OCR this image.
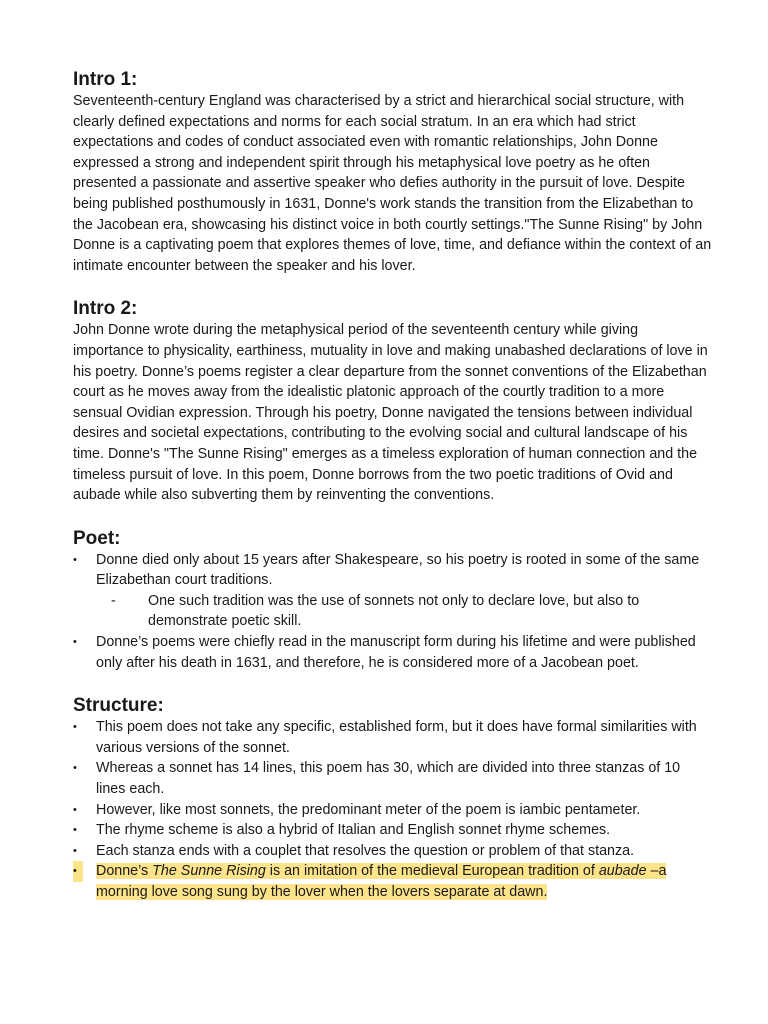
Intro 1:

Seventeenth-century England was characterised by a strict and hierarchical social structure, with clearly defined expectations and norms for each social stratum. In an era which had strict expectations and codes of conduct associated even with romantic relationships, John Donne expressed a strong and independent spirit through his metaphysical love poetry as he often presented a passionate and assertive speaker who defies authority in the pursuit of love. Despite being published posthumously in 1631, Donne's work stands the transition from the Elizabethan to the Jacobean era, showcasing his distinct voice in both courtly settings."The Sunne Rising" by John Donne is a captivating poem that explores themes of love, time, and defiance within the context of an intimate encounter between the speaker and his lover.

Intro 2:

John Donne wrote during the metaphysical period of the seventeenth century while giving importance to physicality, earthiness, mutuality in love and making unabashed declarations of love in his poetry. Donne’s poems register a clear departure from the sonnet conventions of the Elizabethan court as he moves away from the idealistic platonic approach of the courtly tradition to a more sensual Ovidian expression. Through his poetry, Donne navigated the tensions between individual desires and societal expectations, contributing to the evolving social and cultural landscape of his time. Donne's "The Sunne Rising" emerges as a timeless exploration of human connection and the timeless pursuit of love. In this poem, Donne borrows from the two poetic traditions of Ovid and aubade while also subverting them by reinventing the conventions.

Poet:
•	Donne died only about 15 years after Shakespeare, so his poetry is rooted in some of the same Elizabethan court traditions.
- One such tradition was the use of sonnets not only to declare love, but also to demonstrate poetic skill.
•	Donne’s poems were chiefly read in the manuscript form during his lifetime and were published only after his death in 1631, and therefore, he is considered more of a Jacobean poet.
Structure:
•	This poem does not take any specific, established form, but it does have formal similarities with various versions of the sonnet.
•	Whereas a sonnet has 14 lines, this poem has 30, which are divided into three stanzas of 10 lines each.
•	However, like most sonnets, the predominant meter of the poem is iambic pentameter.
•	The rhyme scheme is also a hybrid of Italian and English sonnet rhyme schemes.
•	Each stanza ends with a couplet that resolves the question or problem of that stanza.
•	Donne’s The Sunne Rising is an imitation of the medieval European tradition of aubade –a morning love song sung by the lover when the lovers separate at dawn.
